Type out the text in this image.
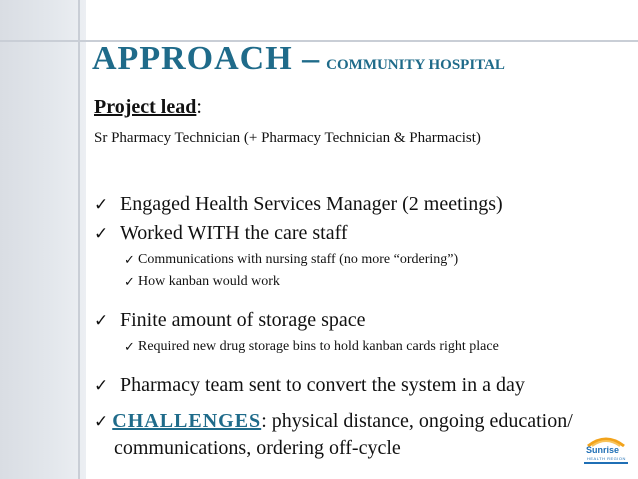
APPROACH – COMMUNITY HOSPITAL
Project lead:
Sr Pharmacy Technician (+ Pharmacy Technician & Pharmacist)
✓ Engaged Health Services Manager (2 meetings)
✓ Worked WITH the care staff
✓ Communications with nursing staff (no more “ordering”)
✓ How kanban would work
✓ Finite amount of storage space
✓ Required new drug storage bins to hold kanban cards right place
✓ Pharmacy team sent to convert the system in a day
✓ CHALLENGES: physical distance, ongoing education/
communications, ordering off-cycle	Sunrise
HEALTH REGION
